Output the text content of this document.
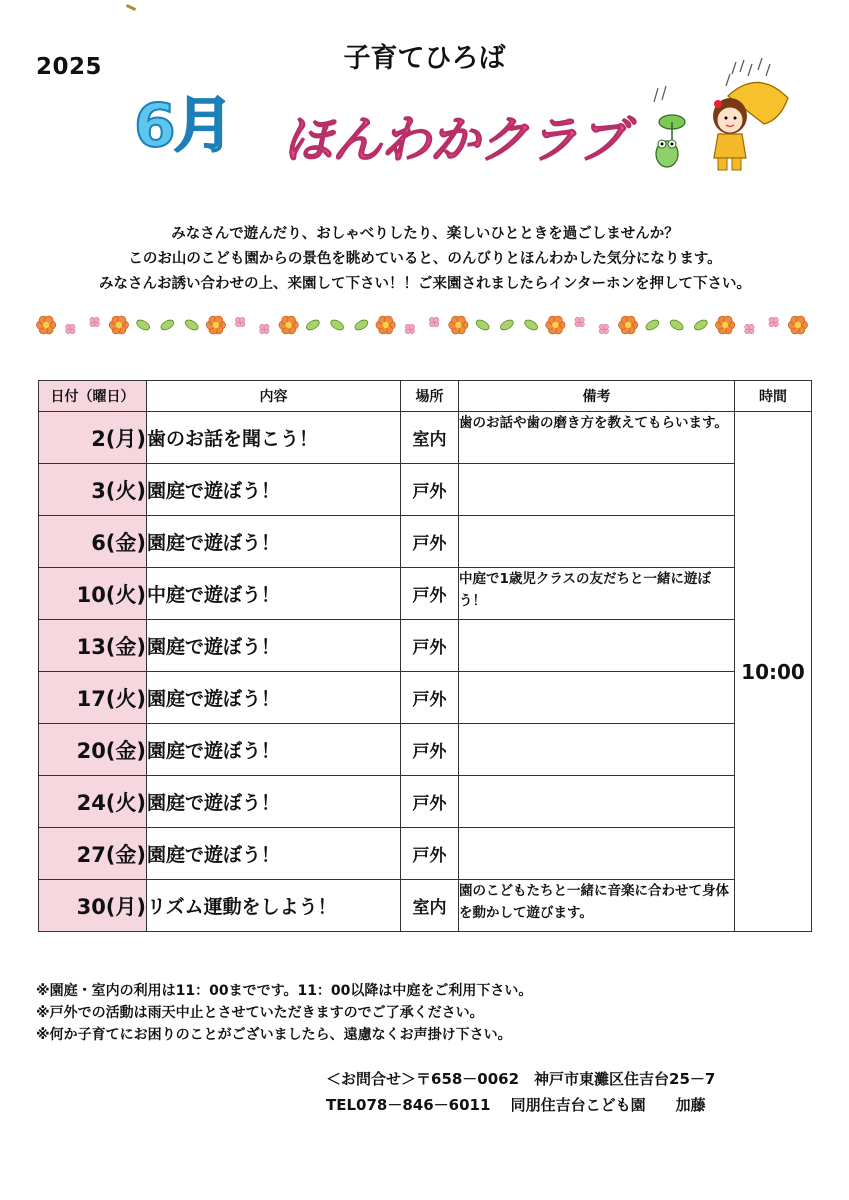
2025	子育てひろば
6月 ほんわかクラブ
みなさんで遊んだり、おしゃべりしたり、楽しいひとときを過ごしませんか？
このお山のこども園からの景色を眺めていると、のんびりとほんわかした気分になります。
みなさんお誘い合わせの上、来園して下さい！！ご来園されましたらインターホンを押して下さい。
日付（曜日）	内容	場所	備考	時間
2(月)	歯のお話を聞こう！	室内	歯のお話や歯の磨き方を教えてもらいます。	10:00
3(火)	園庭で遊ぼう！	戸外		
6(金)	園庭で遊ぼう！	戸外		
10(火)	中庭で遊ぼう！	戸外	中庭で1歳児クラスの友だちと一緒に遊ぼう！	
13(金)	園庭で遊ぼう！	戸外		
17(火)	園庭で遊ぼう！	戸外		
20(金)	園庭で遊ぼう！	戸外		
24(火)	園庭で遊ぼう！	戸外		
27(金)	園庭で遊ぼう！	戸外		
30(月)	リズム運動をしよう！	室内	園のこどもたちと一緒に音楽に合わせて身体を動かして遊びます。	
※園庭・室内の利用は11：00までです。11：00以降は中庭をご利用下さい。
※戸外での活動は雨天中止とさせていただきますのでご了承ください。
※何か子育てにお困りのことがございましたら、遠慮なくお声掛け下さい。
＜お問合せ＞〒658－0062　神戸市東灘区住吉台25－7
TEL078－846－6011　 同朋住吉台こども園　　加藤
